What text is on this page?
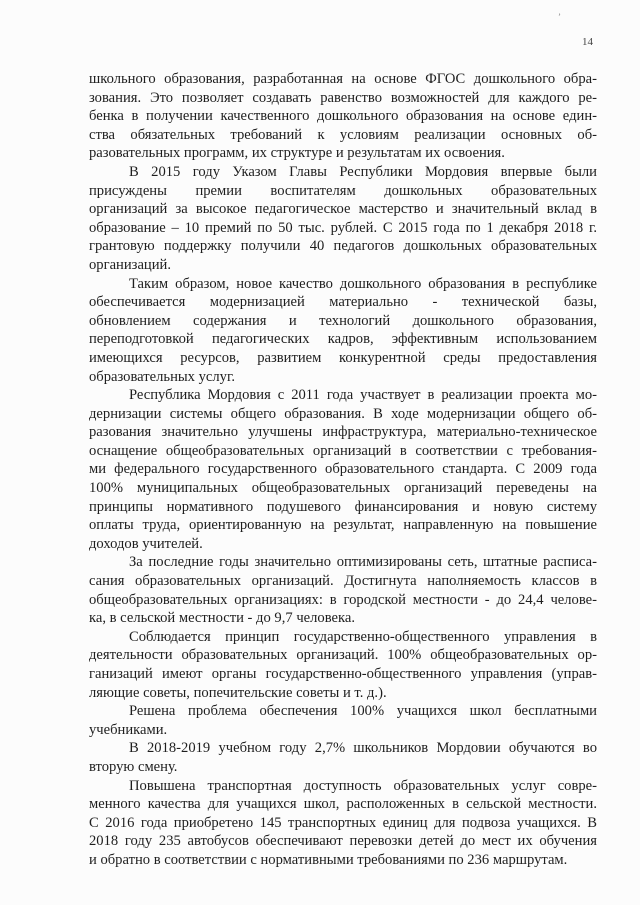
’
14
школьного образования, разработанная на основе ФГОС дошкольного обра-
зования. Это позволяет создавать равенство возможностей для каждого ре-
бенка в получении качественного дошкольного образования на основе един-
ства обязательных требований к условиям реализации основных об-
разовательных программ, их структуре и результатам их освоения.
В 2015 году Указом Главы Республики Мордовия впервые были
присуждены премии воспитателям дошкольных образовательных
организаций за высокое педагогическое мастерство и значительный вклад в
образование – 10 премий по 50 тыс. рублей. С 2015 года по 1 декабря 2018 г.
грантовую поддержку получили 40 педагогов дошкольных образовательных
организаций.
Таким образом, новое качество дошкольного образования в республике
обеспечивается модернизацией материально - технической базы,
обновлением содержания и технологий дошкольного образования,
переподготовкой педагогических кадров, эффективным использованием
имеющихся ресурсов, развитием конкурентной среды предоставления
образовательных услуг.
Республика Мордовия с 2011 года участвует в реализации проекта мо-
дернизации системы общего образования. В ходе модернизации общего об-
разования значительно улучшены инфраструктура, материально-техническое
оснащение общеобразовательных организаций в соответствии с требования-
ми федерального государственного образовательного стандарта. С 2009 года
100% муниципальных общеобразовательных организаций переведены на
принципы нормативного подушевого финансирования и новую систему
оплаты труда, ориентированную на результат, направленную на повышение
доходов учителей.
За последние годы значительно оптимизированы сеть, штатные расписа-
сания образовательных организаций. Достигнута наполняемость классов в
общеобразовательных организациях: в городской местности - до 24,4 челове-
ка, в сельской местности - до 9,7 человека.
Соблюдается принцип государственно-общественного управления в
деятельности образовательных организаций. 100% общеобразовательных ор-
ганизаций имеют органы государственно-общественного управления (управ-
ляющие советы, попечительские советы и т. д.).
Решена проблема обеспечения 100% учащихся школ бесплатными
учебниками.
В 2018-2019 учебном году 2,7% школьников Мордовии обучаются во
вторую смену.
Повышена транспортная доступность образовательных услуг совре-
менного качества для учащихся школ, расположенных в сельской местности.
С 2016 года приобретено 145 транспортных единиц для подвоза учащихся. В
2018 году 235 автобусов обеспечивают перевозки детей до мест их обучения
и обратно в соответствии с нормативными требованиями по 236 маршрутам.
